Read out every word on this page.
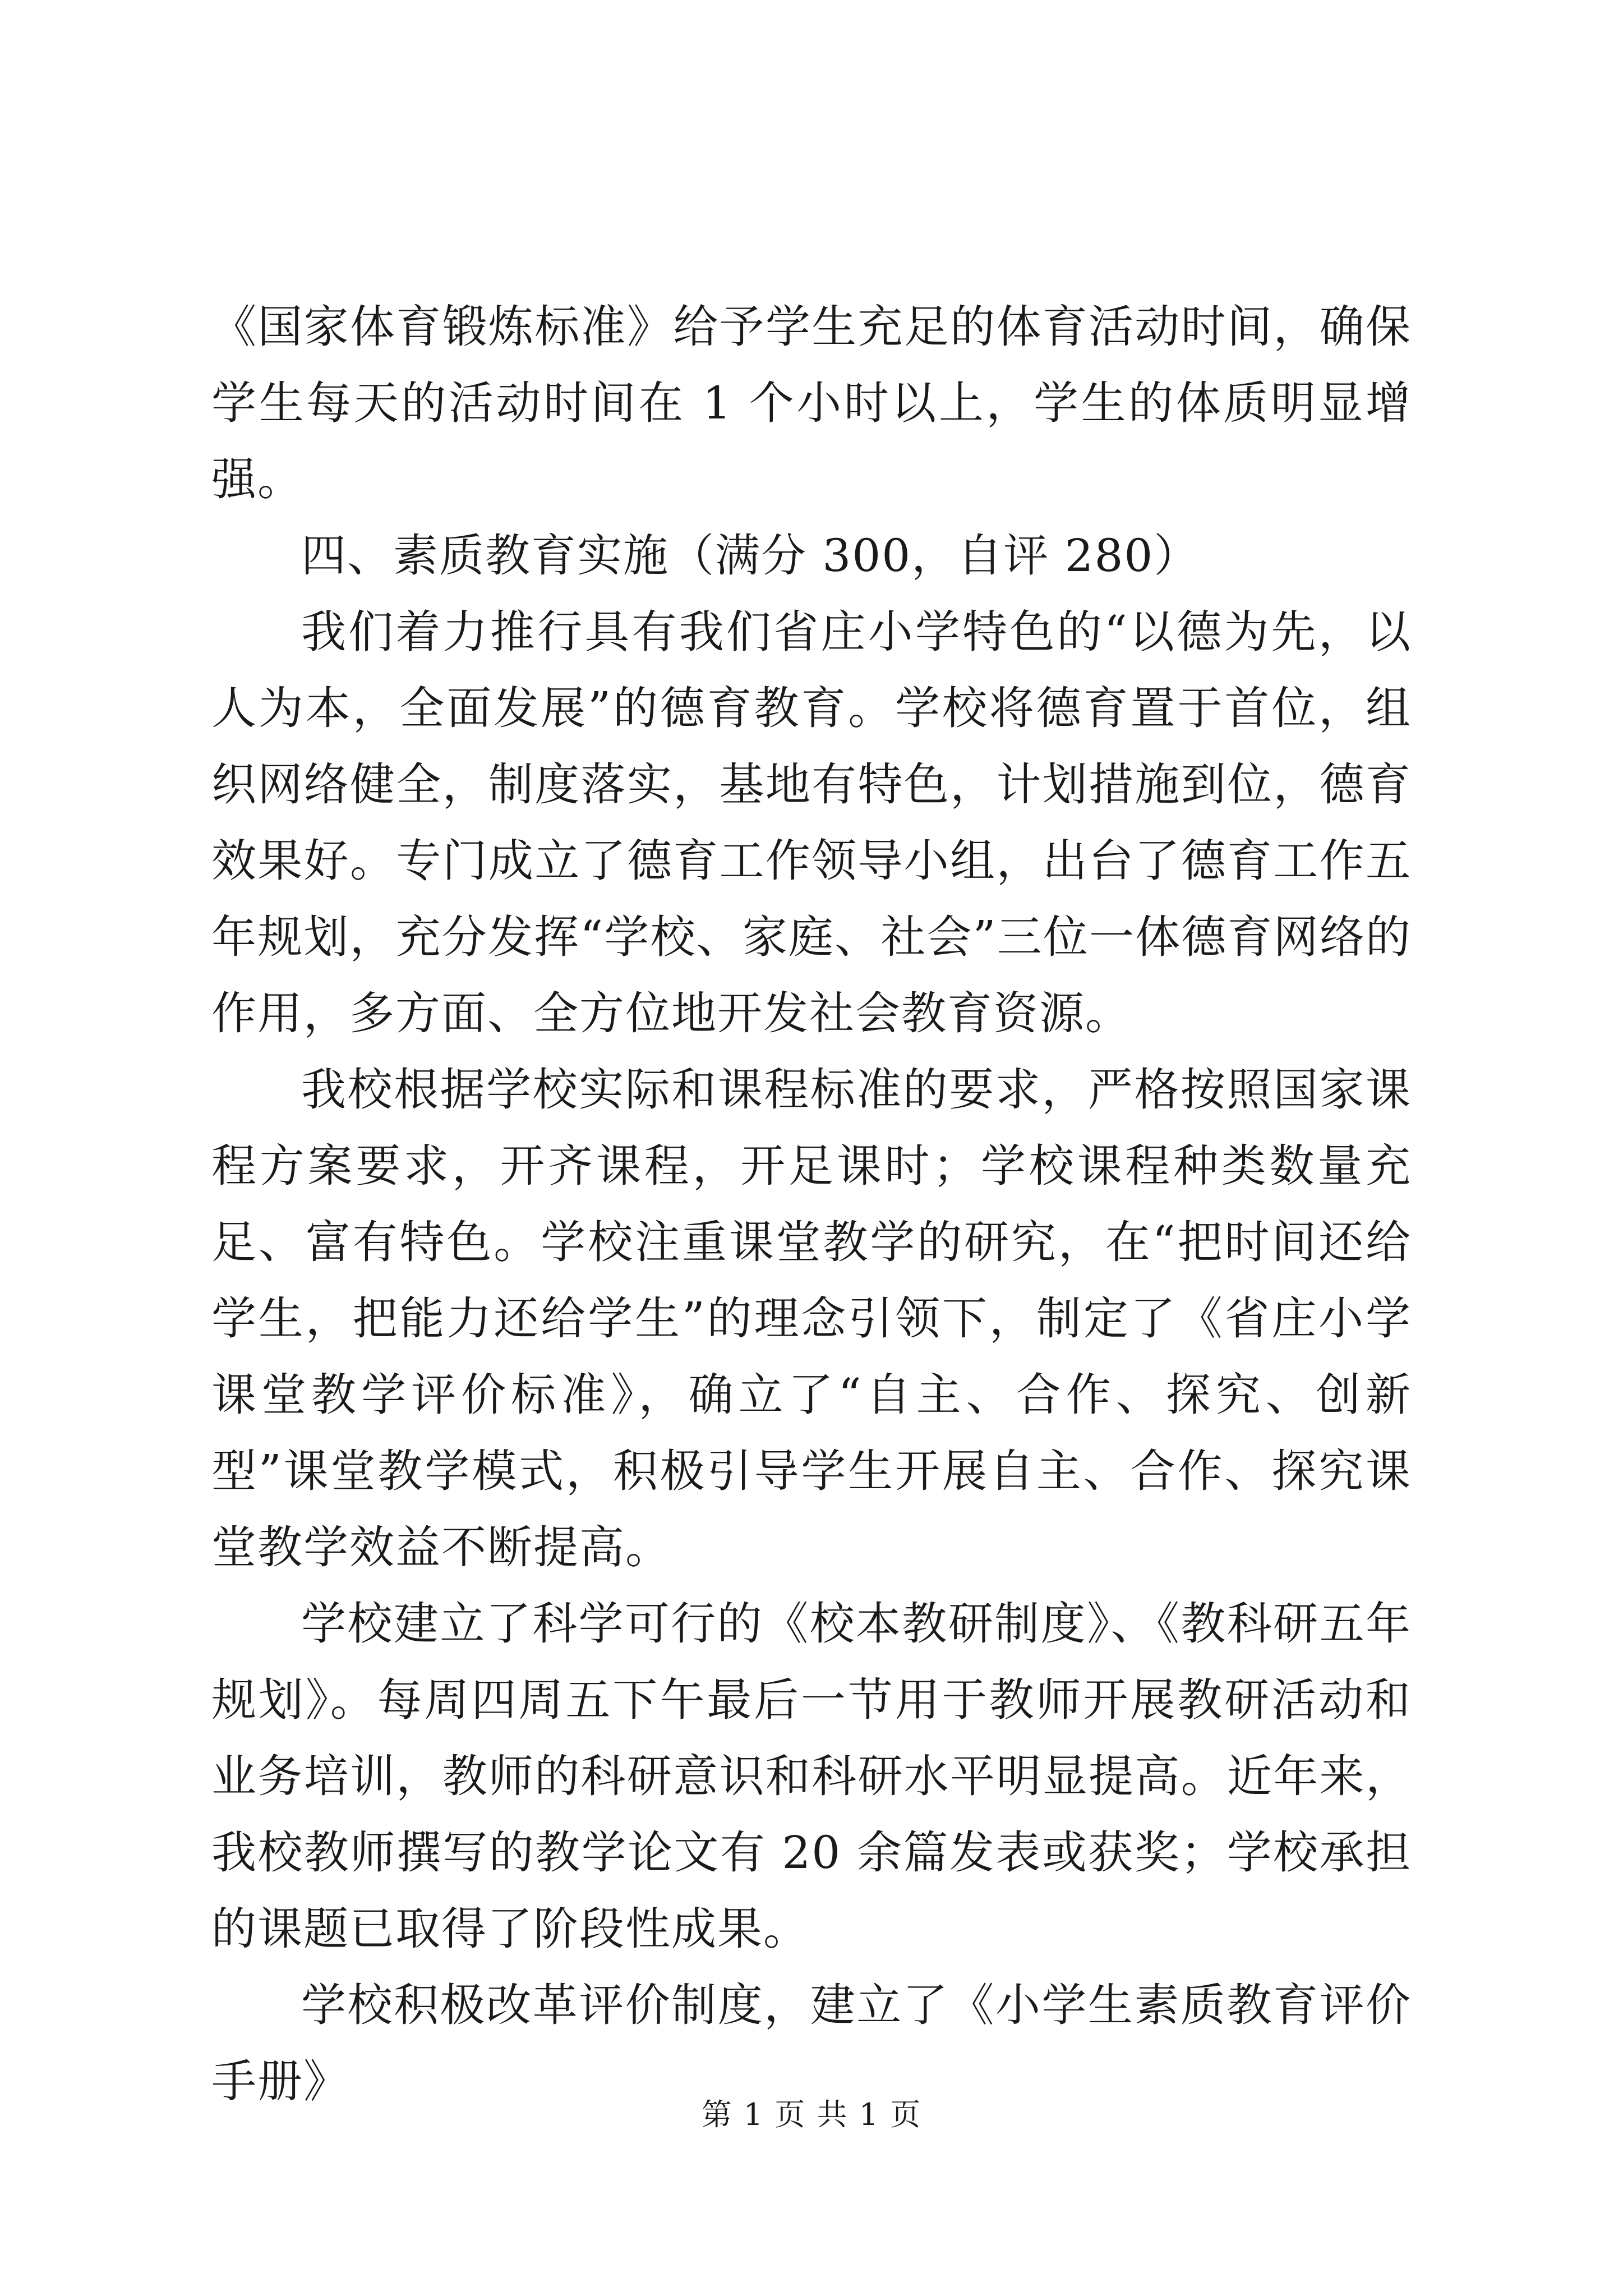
《国家体育锻炼标准》给予学生充足的体育活动时间，确保学生每天的活动时间在 1 个小时以上，学生的体质明显增强。

四、素质教育实施（满分 300，自评 280）

我们着力推行具有我们省庄小学特色的“以德为先，以人为本，全面发展”的德育教育。学校将德育置于首位，组织网络健全，制度落实，基地有特色，计划措施到位，德育效果好。专门成立了德育工作领导小组，出台了德育工作五年规划，充分发挥“学校、家庭、社会”三位一体德育网络的作用，多方面、全方位地开发社会教育资源。

我校根据学校实际和课程标准的要求，严格按照国家课程方案要求，开齐课程，开足课时；学校课程种类数量充足、富有特色。学校注重课堂教学的研究，在“把时间还给学生，把能力还给学生”的理念引领下，制定了《省庄小学课堂教学评价标准》，确立了“自主、合作、探究、创新型”课堂教学模式，积极引导学生开展自主、合作、探究课堂教学效益不断提高。

学校建立了科学可行的《校本教研制度》、《教科研五年规划》。每周四周五下午最后一节用于教师开展教研活动和业务培训，教师的科研意识和科研水平明显提高。近年来，我校教师撰写的教学论文有 20 余篇发表或获奖；学校承担的课题已取得了阶段性成果。

学校积极改革评价制度，建立了《小学生素质教育评价手册》

第 1 页 共 1 页
